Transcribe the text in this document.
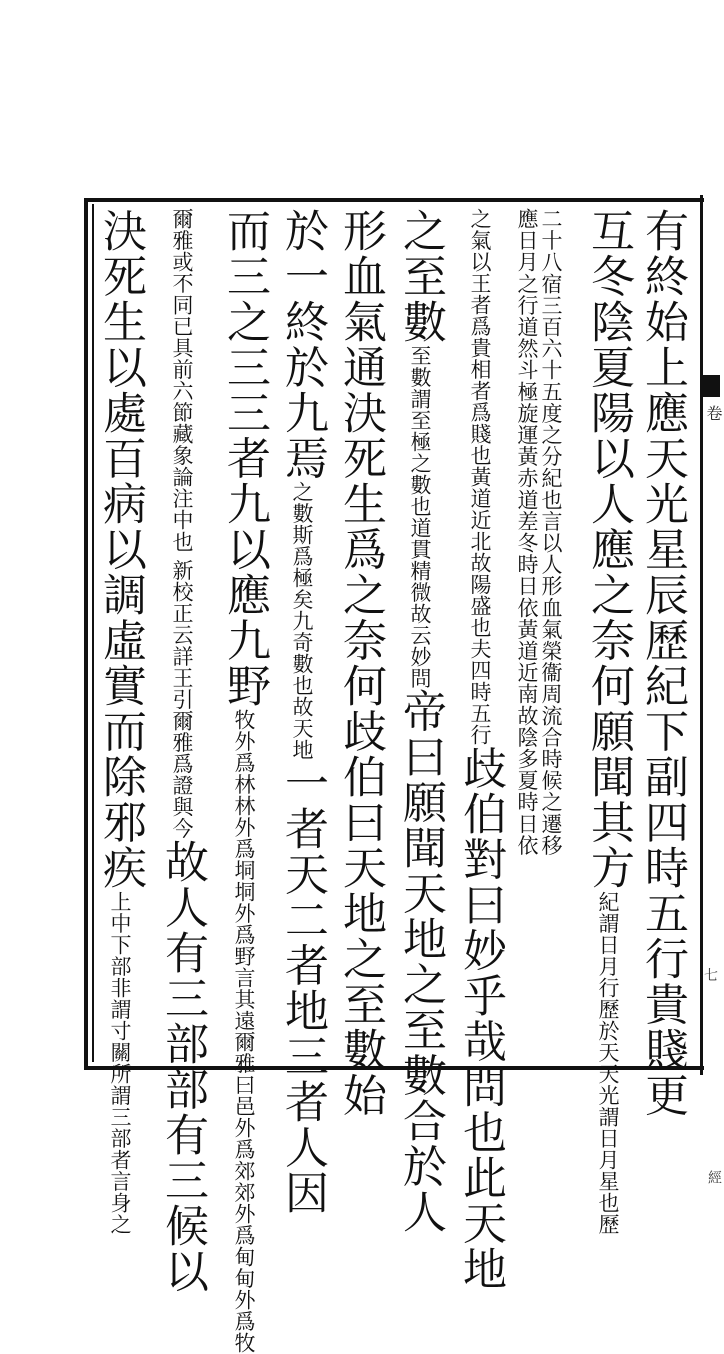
卷
七
經
有終始上應天光星辰歷紀下副四時五行貴賤更
互冬陰夏陽以人應之奈何願聞其方
天光謂日月星也歷
紀謂日月行歷於天
二十八宿三百六十五度之分紀也言以人形血氣榮衞周流合時候之遷移
應日月之行道然斗極旋運黃赤道差冬時日依黃道近南故陰多夏時日依
黃道近北故陽盛也夫四時五行
之氣以王者爲貴相者爲賤也
歧伯對曰妙乎哉問也此天地
之至數
道貫精微故云妙問
至數謂至極之數也
帝曰願聞天地之至數合於人
形血氣通決死生爲之奈何歧伯曰天地之至數始
於一終於九焉
九奇數也故天地
之數斯爲極矣
一者天二者地三者人因
而三之三三者九以應九野
爾雅曰邑外爲郊郊外爲甸甸外爲牧
牧外爲林林外爲垌垌外爲野言其遠
也 新校正云詳王引爾雅爲證與今
爾雅或不同已具前六節藏象論注中
故人有三部部有三候以
決死生以處百病以調虛實而除邪疾
所謂三部者言身之
上中下部非謂寸關
